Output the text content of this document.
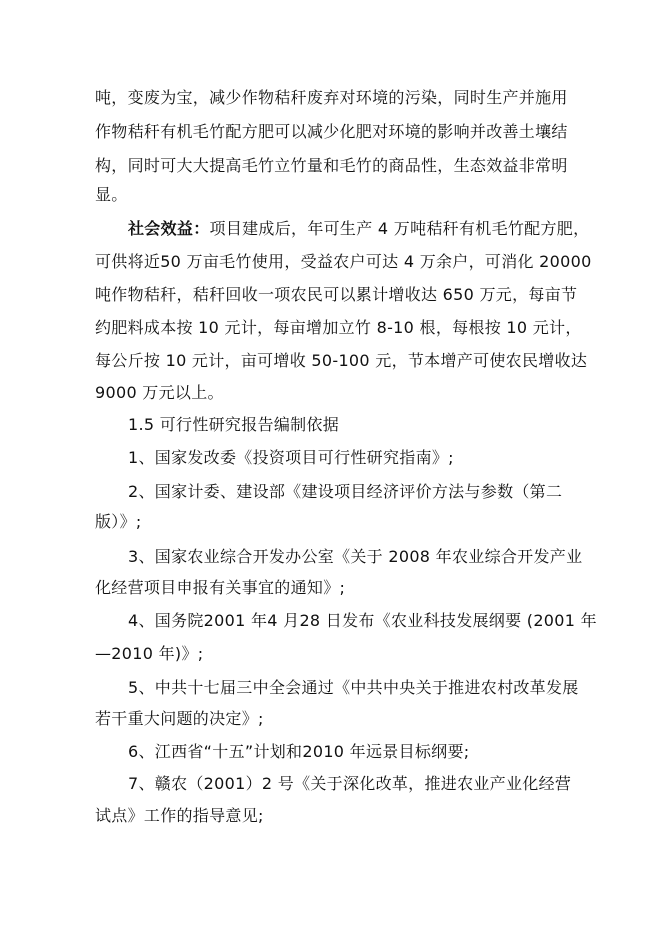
吨，变废为宝，减少作物秸秆废弃对环境的污染，同时生产并施用
作物秸秆有机毛竹配方肥可以减少化肥对环境的影响并改善土壤结
构，同时可大大提高毛竹立竹量和毛竹的商品性，生态效益非常明
显。
社会效益：项目建成后，年可生产 4 万吨秸秆有机毛竹配方肥，
可供将近50 万亩毛竹使用，受益农户可达 4 万余户，可消化 20000
吨作物秸秆，秸秆回收一项农民可以累计增收达 650 万元，每亩节
约肥料成本按 10 元计，每亩增加立竹 8-10 根，每根按 10 元计，
每公斤按 10 元计，亩可增收 50-100 元，节本增产可使农民增收达
9000 万元以上。
1.5 可行性研究报告编制依据
1、国家发改委《投资项目可行性研究指南》;
2、国家计委、建设部《建设项目经济评价方法与参数（第二
版）》;
3、国家农业综合开发办公室《关于 2008 年农业综合开发产业
化经营项目申报有关事宜的通知》;
4、国务院2001 年4 月28 日发布《农业科技发展纲要 (2001 年
—2010 年)》;
5、中共十七届三中全会通过《中共中央关于推进农村改革发展
若干重大问题的决定》;
6、江西省“十五”计划和2010 年远景目标纲要;
7、赣农（2001）2 号《关于深化改革，推进农业产业化经营
试点》工作的指导意见;
